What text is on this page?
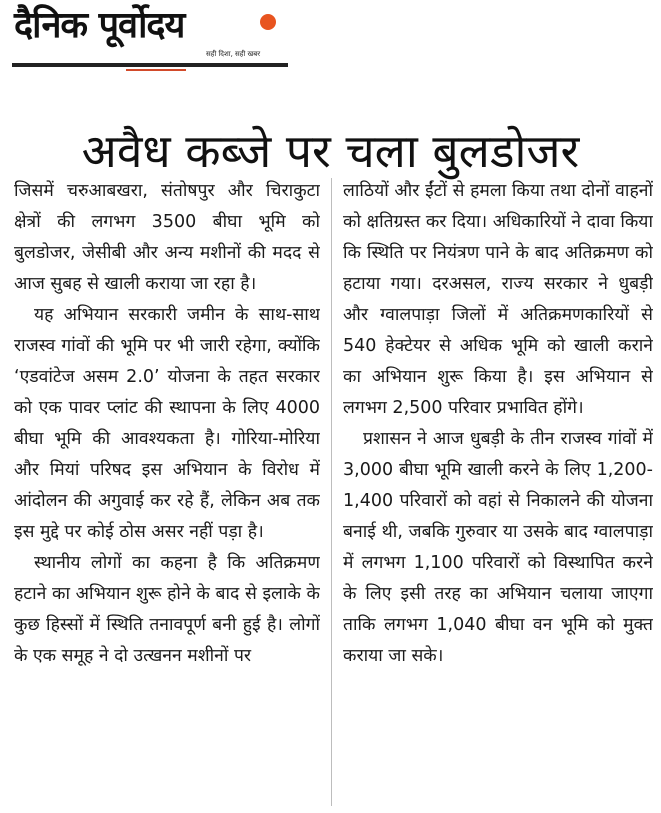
दैनिक पूर्वोदय
सही दिशा, सही खबर
अवैध कब्जे पर चला बुलडोजर

जिसमें चरुआबखरा, संतोषपुर और चिराकुटा क्षेत्रों की लगभग 3500 बीघा भूमि को बुलडोजर, जेसीबी और अन्य मशीनों की मदद से आज सुबह से खाली कराया जा रहा है।

यह अभियान सरकारी जमीन के साथ-साथ राजस्व गांवों की भूमि पर भी जारी रहेगा, क्योंकि ‘एडवांटेज असम 2.0’ योजना के तहत सरकार को एक पावर प्लांट की स्थापना के लिए 4000 बीघा भूमि की आवश्यकता है। गोरिया-मोरिया और मियां परिषद इस अभियान के विरोध में आंदोलन की अगुवाई कर रहे हैं, लेकिन अब तक इस मुद्दे पर कोई ठोस असर नहीं पड़ा है।

स्थानीय लोगों का कहना है कि अतिक्रमण हटाने का अभियान शुरू होने के बाद से इलाके के कुछ हिस्सों में स्थिति तनावपूर्ण बनी हुई है। लोगों के एक समूह ने दो उत्खनन मशीनों पर

लाठियों और ईंटों से हमला किया तथा दोनों वाहनों को क्षतिग्रस्त कर दिया। अधिकारियों ने दावा किया कि स्थिति पर नियंत्रण पाने के बाद अतिक्रमण को हटाया गया। दरअसल, राज्य सरकार ने धुबड़ी और ग्वालपाड़ा जिलों में अतिक्रमणकारियों से 540 हेक्टेयर से अधिक भूमि को खाली कराने का अभियान शुरू किया है। इस अभियान से लगभग 2,500 परिवार प्रभावित होंगे।

प्रशासन ने आज धुबड़ी के तीन राजस्व गांवों में 3,000 बीघा भूमि खाली करने के लिए 1,200-1,400 परिवारों को वहां से निकालने की योजना बनाई थी, जबकि गुरुवार या उसके बाद ग्वालपाड़ा में लगभग 1,100 परिवारों को विस्थापित करने के लिए इसी तरह का अभियान चलाया जाएगा ताकि लगभग 1,040 बीघा वन भूमि को मुक्त कराया जा सके।
